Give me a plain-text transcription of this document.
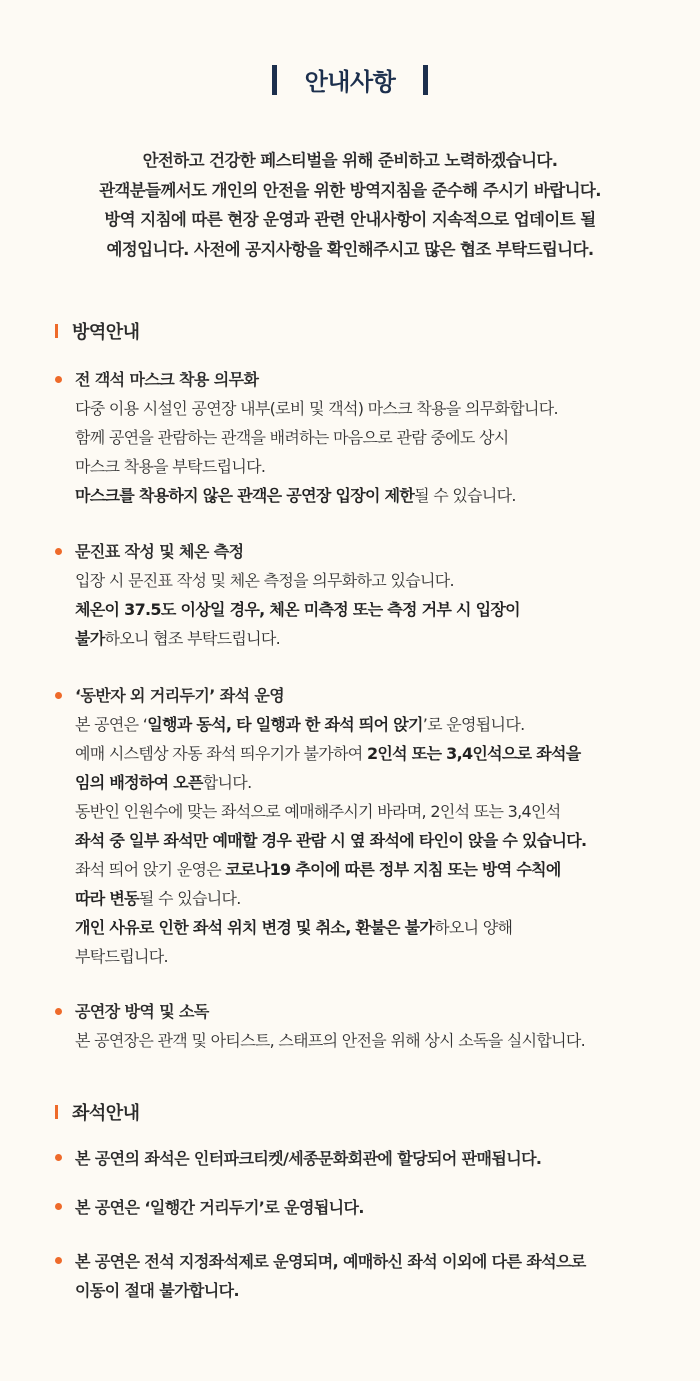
안내사항
안전하고 건강한 페스티벌을 위해 준비하고 노력하겠습니다.
관객분들께서도 개인의 안전을 위한 방역지침을 준수해 주시기 바랍니다.
방역 지침에 따른 현장 운영과 관련 안내사항이 지속적으로 업데이트 될
예정입니다. 사전에 공지사항을 확인해주시고 많은 협조 부탁드립니다.
방역안내
전 객석 마스크 착용 의무화
다중 이용 시설인 공연장 내부(로비 및 객석) 마스크 착용을 의무화합니다.
함께 공연을 관람하는 관객을 배려하는 마음으로 관람 중에도 상시
마스크 착용을 부탁드립니다.
마스크를 착용하지 않은 관객은 공연장 입장이 제한될 수 있습니다.
문진표 작성 및 체온 측정
입장 시 문진표 작성 및 체온 측정을 의무화하고 있습니다.
체온이 37.5도 이상일 경우, 체온 미측정 또는 측정 거부 시 입장이
불가하오니 협조 부탁드립니다.
‘동반자 외 거리두기’ 좌석 운영
본 공연은 ‘일행과 동석, 타 일행과 한 좌석 띄어 앉기’로 운영됩니다.
예매 시스템상 자동 좌석 띄우기가 불가하여 2인석 또는 3,4인석으로 좌석을
임의 배정하여 오픈합니다.
동반인 인원수에 맞는 좌석으로 예매해주시기 바라며, 2인석 또는 3,4인석
좌석 중 일부 좌석만 예매할 경우 관람 시 옆 좌석에 타인이 앉을 수 있습니다.
좌석 띄어 앉기 운영은 코로나19 추이에 따른 정부 지침 또는 방역 수칙에
따라 변동될 수 있습니다.
개인 사유로 인한 좌석 위치 변경 및 취소, 환불은 불가하오니 양해
부탁드립니다.
공연장 방역 및 소독
본 공연장은 관객 및 아티스트, 스태프의 안전을 위해 상시 소독을 실시합니다.
좌석안내
본 공연의 좌석은 인터파크티켓/세종문화회관에 할당되어 판매됩니다.
본 공연은 ‘일행간 거리두기’로 운영됩니다.
본 공연은 전석 지정좌석제로 운영되며, 예매하신 좌석 이외에 다른 좌석으로
이동이 절대 불가합니다.
